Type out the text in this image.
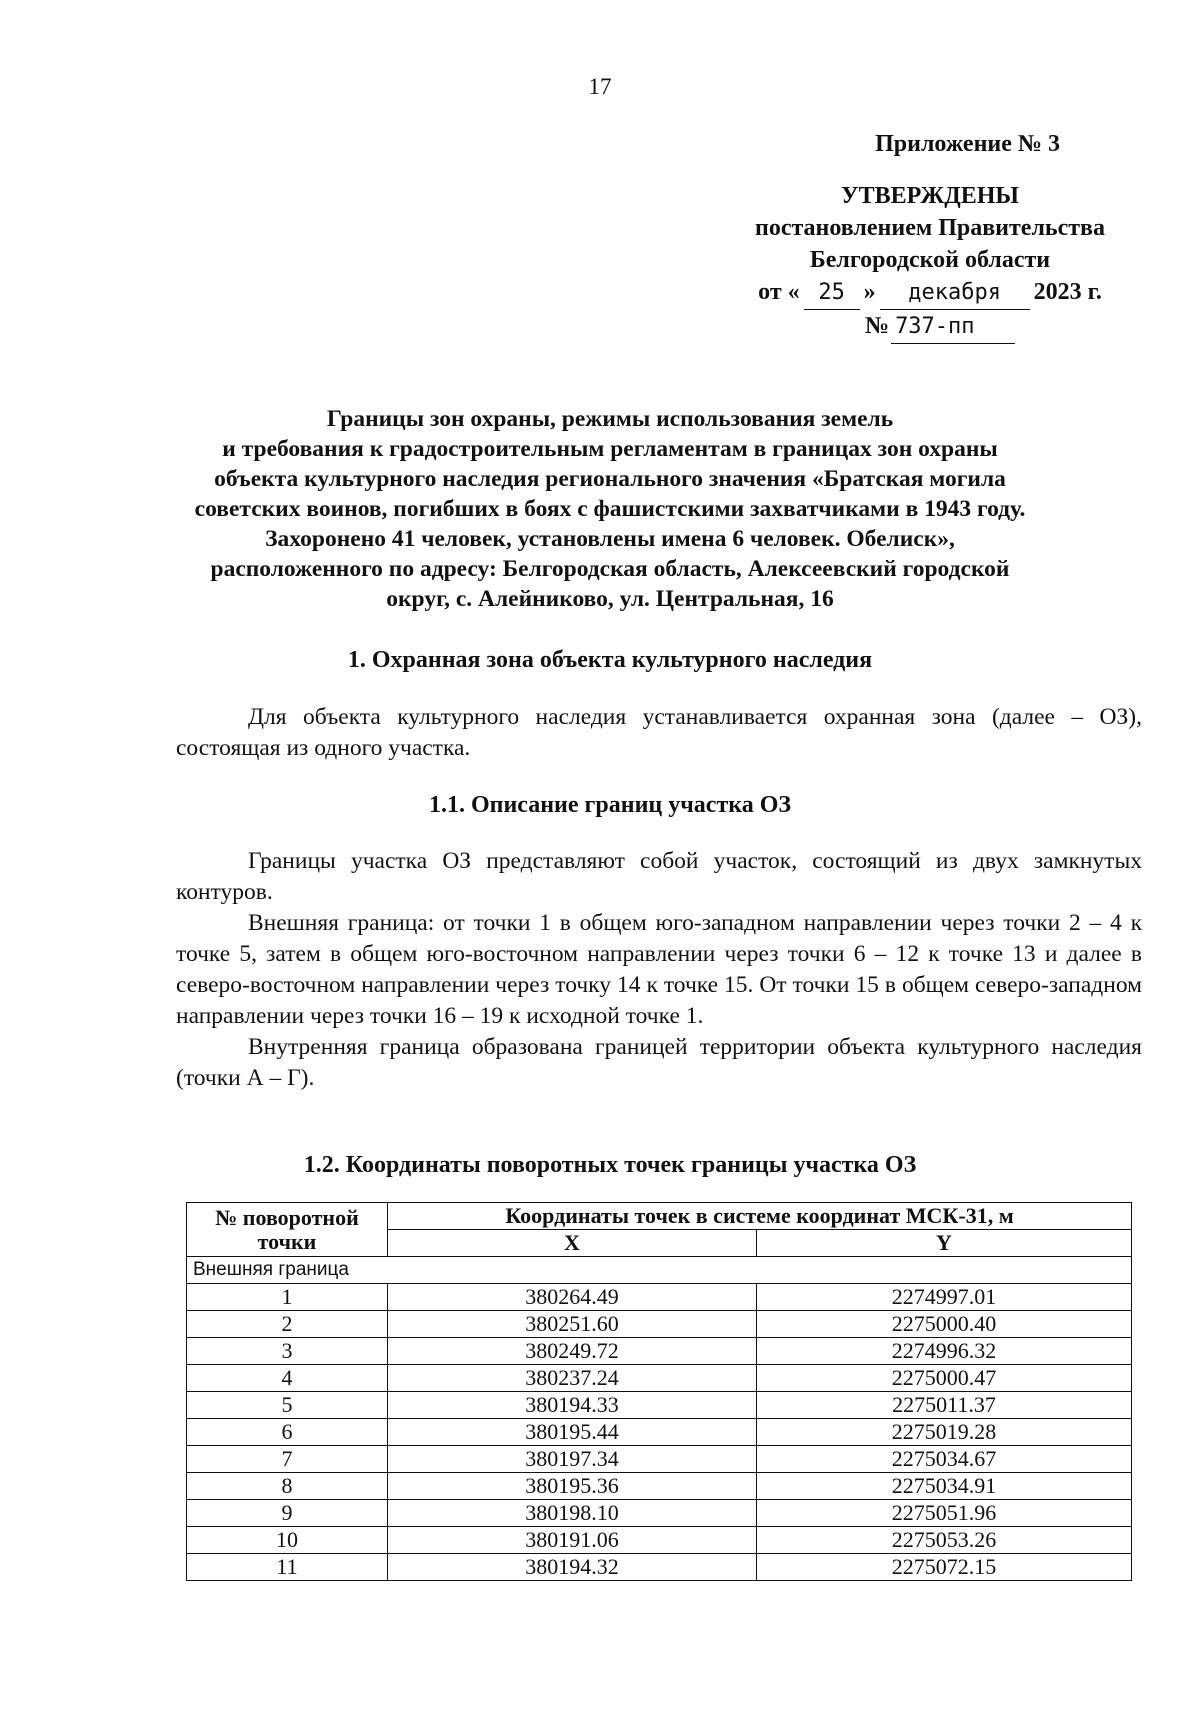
17
Приложение № 3
УТВЕРЖДЕНЫ
постановлением Правительства
Белгородской области
от « 25 »	декабря	2023 г.
№ 737-пп
Границы зон охраны, режимы использования земель
и требования к градостроительным регламентам в границах зон охраны
объекта культурного наследия регионального значения «Братская могила
советских воинов, погибших в боях с фашистскими захватчиками в 1943 году.
Захоронено 41 человек, установлены имена 6 человек. Обелиск»,
расположенного по адресу: Белгородская область, Алексеевский городской
округ, с. Алейниково, ул. Центральная, 16
1. Охранная зона объекта культурного наследия

Для объекта культурного наследия устанавливается охранная зона (далее – ОЗ), состоящая из одного участка.

1.1. Описание границ участка ОЗ

Границы участка ОЗ представляют собой участок, состоящий из двух замкнутых контуров.

Внешняя граница: от точки 1 в общем юго-западном направлении через точки 2 – 4 к точке 5, затем в общем юго-восточном направлении через точки 6 – 12 к точке 13 и далее в северо-восточном направлении через точку 14 к точке 15. От точки 15 в общем северо-западном направлении через точки 16 – 19 к исходной точке 1.

Внутренняя граница образована границей территории объекта культурного наследия (точки А – Г).

1.2. Координаты поворотных точек границы участка ОЗ
№ поворотной точки	Координаты точек в системе координат МСК-31, м	
	X	Y
Внешняя граница		
1	380264.49	2274997.01
2	380251.60	2275000.40
3	380249.72	2274996.32
4	380237.24	2275000.47
5	380194.33	2275011.37
6	380195.44	2275019.28
7	380197.34	2275034.67
8	380195.36	2275034.91
9	380198.10	2275051.96
10	380191.06	2275053.26
11	380194.32	2275072.15
